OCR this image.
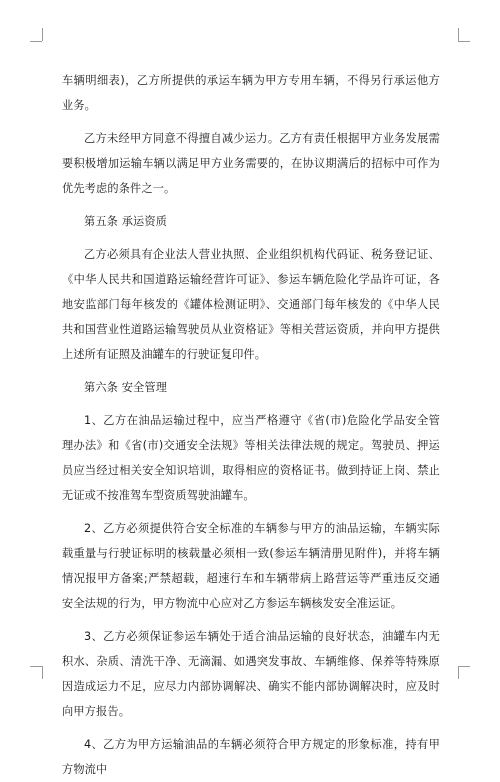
车辆明细表)，乙方所提供的承运车辆为甲方专用车辆，不得另行承运他方业务。

乙方未经甲方同意不得擅自减少运力。乙方有责任根据甲方业务发展需要积极增加运输车辆以满足甲方业务需要的，在协议期满后的招标中可作为优先考虑的条件之一。

第五条 承运资质

乙方必须具有企业法人营业执照、企业组织机构代码证、税务登记证、《中华人民共和国道路运输经营许可证》、参运车辆危险化学品许可证，各地安监部门每年核发的《罐体检测证明》、交通部门每年核发的《中华人民共和国营业性道路运输驾驶员从业资格证》等相关营运资质，并向甲方提供上述所有证照及油罐车的行驶证复印件。

第六条 安全管理

1、乙方在油品运输过程中，应当严格遵守《省(市)危险化学品安全管理办法》和《省(市)交通安全法规》等相关法律法规的规定。驾驶员、押运员应当经过相关安全知识培训，取得相应的资格证书。做到持证上岗、禁止无证或不按准驾车型资质驾驶油罐车。

2、乙方必须提供符合安全标准的车辆参与甲方的油品运输，车辆实际载重量与行驶证标明的核载量必须相一致(参运车辆清册见附件)，并将车辆情况报甲方备案;严禁超载，超速行车和车辆带病上路营运等严重违反交通安全法规的行为，甲方物流中心应对乙方参运车辆核发安全准运证。

3、乙方必须保证参运车辆处于适合油品运输的良好状态，油罐车内无积水、杂质、清洗干净、无滴漏、如遇突发事故、车辆维修、保养等特殊原因造成运力不足，应尽力内部协调解决、确实不能内部协调解决时，应及时向甲方报告。

4、乙方为甲方运输油品的车辆必须符合甲方规定的形象标准，持有甲方物流中
